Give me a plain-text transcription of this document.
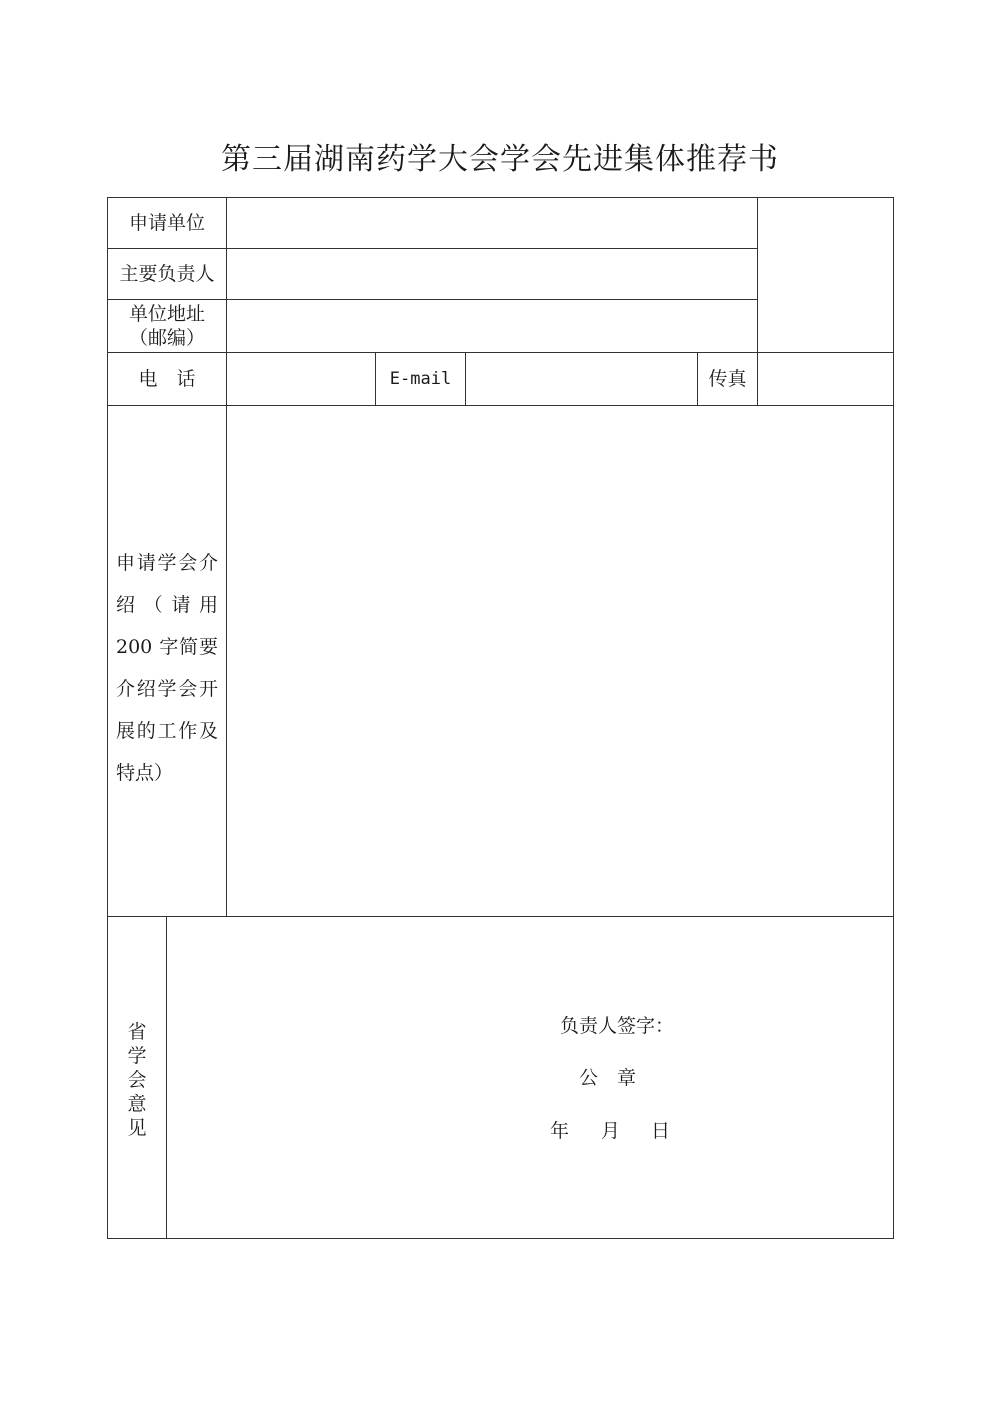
第三届湖南药学大会学会先进集体推荐书
申请单位
主要负责人
单位地址
（邮编）
电　话	E-mail	传真
申请学会介
绍（请用
200 字简要
介绍学会开
展的工作及
特点）
省
学
会
意
见
负责人签字：
公　章
年 月 日
